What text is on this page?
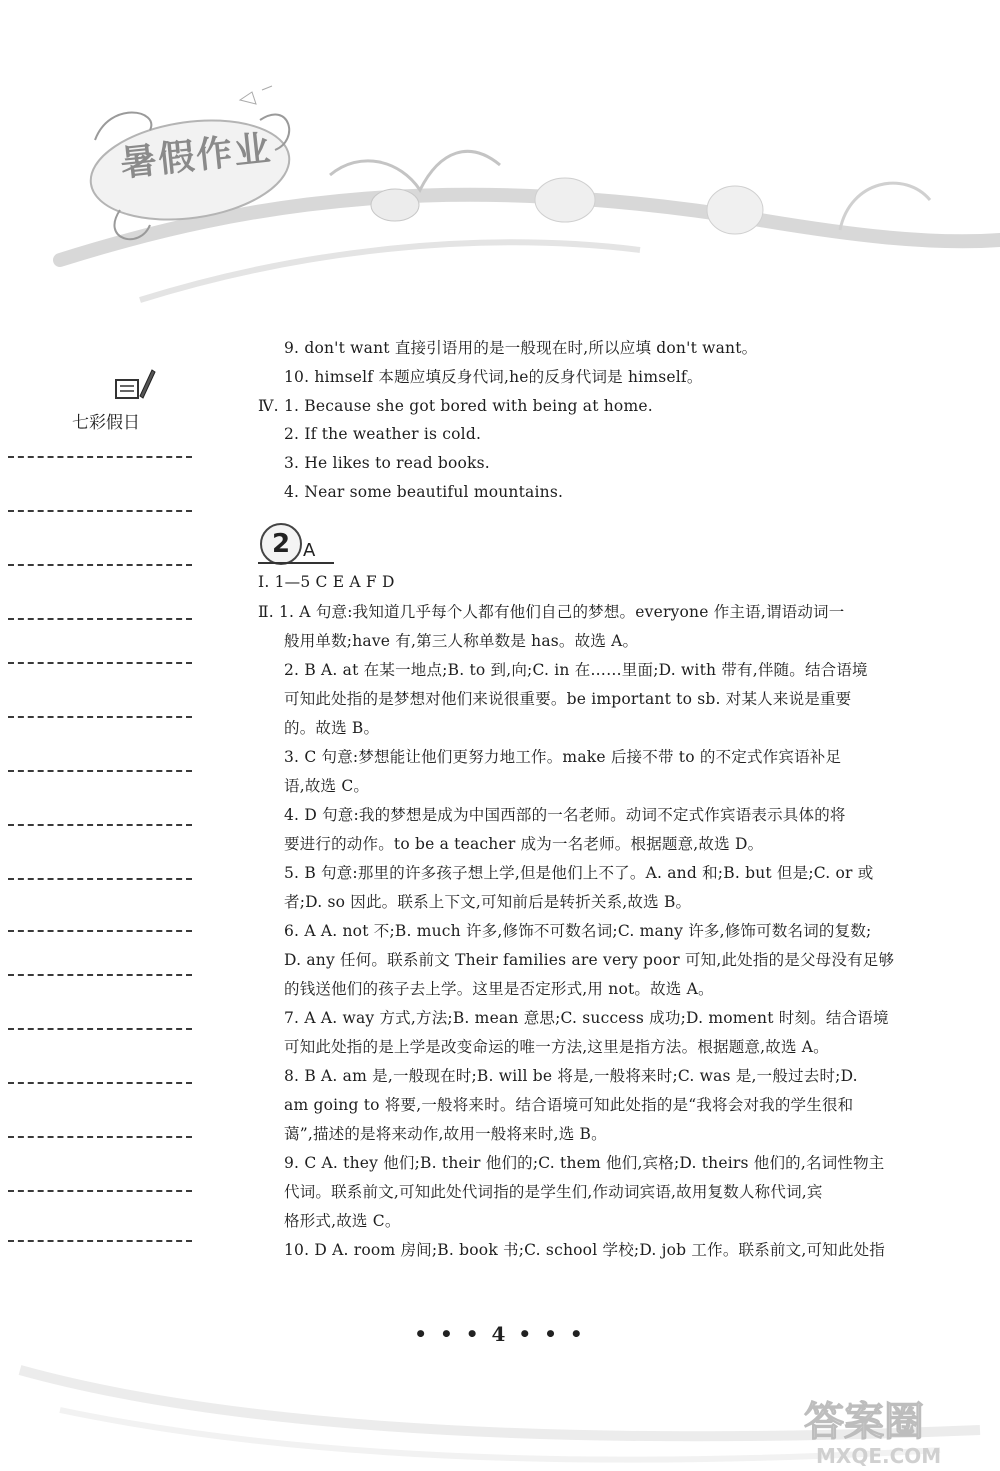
暑假作业
七彩假日
9. don't want 直接引语用的是一般现在时,所以应填 don't want。
10. himself 本题应填反身代词,he的反身代词是 himself。
Ⅳ. 1. Because she got bored with being at home.
2. If the weather is cold.
3. He likes to read books.
4. Near some beautiful mountains.
2 A
Ⅰ. 1—5 C E A F D
Ⅱ. 1. A 句意:我知道几乎每个人都有他们自己的梦想。everyone 作主语,谓语动词一
般用单数;have 有,第三人称单数是 has。故选 A。
2. B A. at 在某一地点;B. to 到,向;C. in 在……里面;D. with 带有,伴随。结合语境
可知此处指的是梦想对他们来说很重要。be important to sb. 对某人来说是重要
的。故选 B。
3. C 句意:梦想能让他们更努力地工作。make 后接不带 to 的不定式作宾语补足
语,故选 C。
4. D 句意:我的梦想是成为中国西部的一名老师。动词不定式作宾语表示具体的将
要进行的动作。to be a teacher 成为一名老师。根据题意,故选 D。
5. B 句意:那里的许多孩子想上学,但是他们上不了。A. and 和;B. but 但是;C. or 或
者;D. so 因此。联系上下文,可知前后是转折关系,故选 B。
6. A A. not 不;B. much 许多,修饰不可数名词;C. many 许多,修饰可数名词的复数;
D. any 任何。联系前文 Their families are very poor 可知,此处指的是父母没有足够
的钱送他们的孩子去上学。这里是否定形式,用 not。故选 A。
7. A A. way 方式,方法;B. mean 意思;C. success 成功;D. moment 时刻。结合语境
可知此处指的是上学是改变命运的唯一方法,这里是指方法。根据题意,故选 A。
8. B A. am 是,一般现在时;B. will be 将是,一般将来时;C. was 是,一般过去时;D.
am going to 将要,一般将来时。结合语境可知此处指的是“我将会对我的学生很和
蔼”,描述的是将来动作,故用一般将来时,选 B。
9. C A. they 他们;B. their 他们的;C. them 他们,宾格;D. theirs 他们的,名词性物主
代词。联系前文,可知此处代词指的是学生们,作动词宾语,故用复数人称代词,宾
格形式,故选 C。
10. D A. room 房间;B. book 书;C. school 学校;D. job 工作。联系前文,可知此处指
• • • 4 • • •
答案圈
MXQE.COM
